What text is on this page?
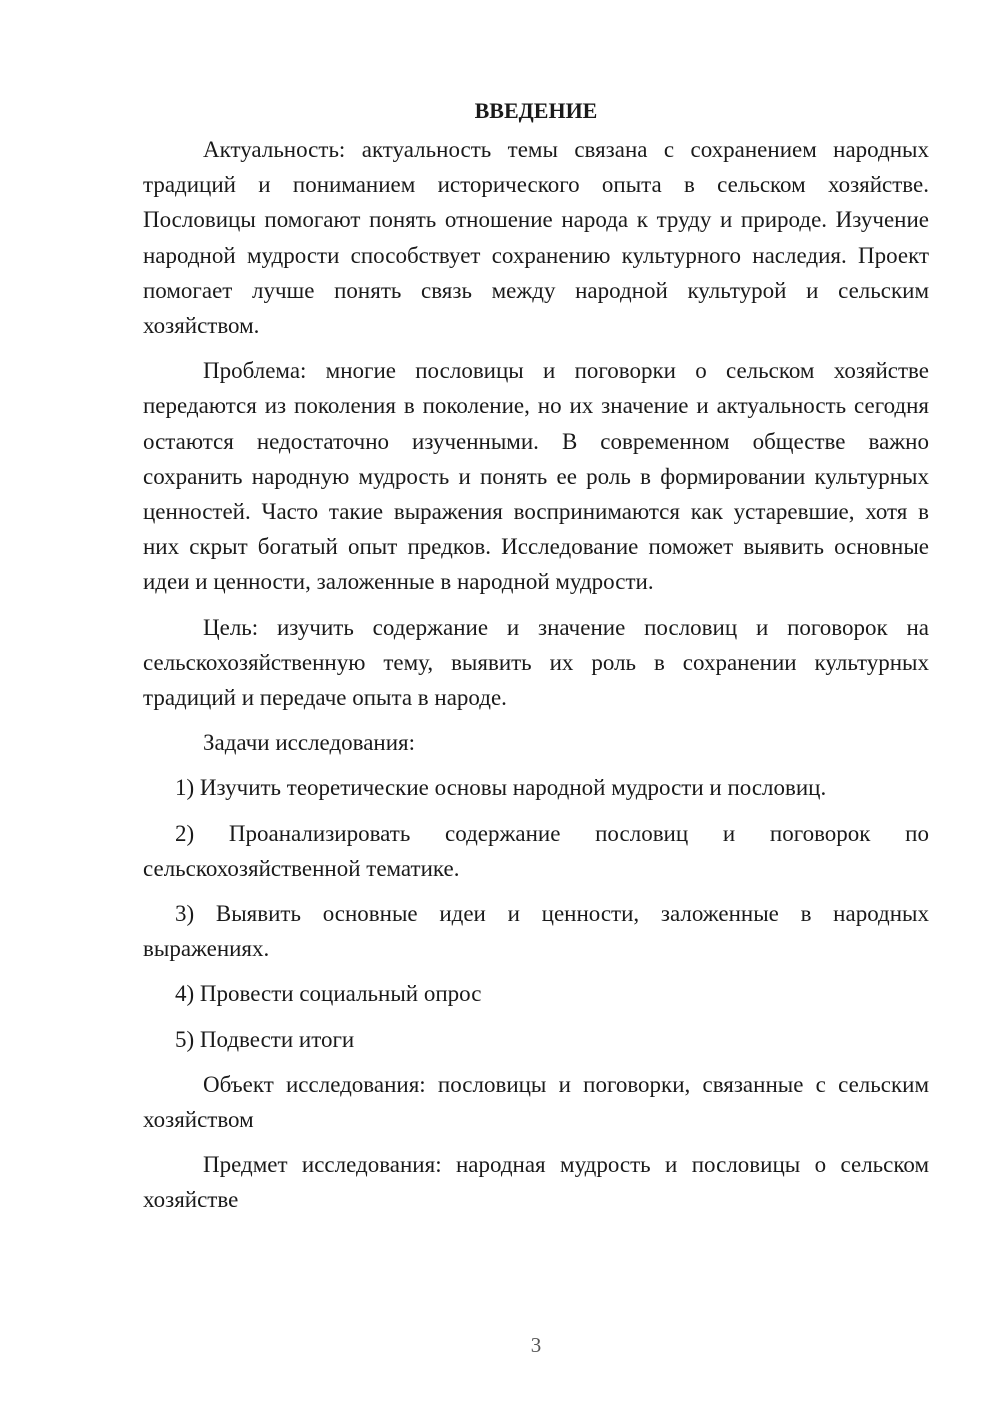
ВВЕДЕНИЕ

Актуальность: актуальность темы связана с сохранением народных традиций и пониманием исторического опыта в сельском хозяйстве. Пословицы помогают понять отношение народа к труду и природе. Изучение народной мудрости способствует сохранению культурного наследия. Проект помогает лучше понять связь между народной культурой и сельским хозяйством.

Проблема: многие пословицы и поговорки о сельском хозяйстве передаются из поколения в поколение, но их значение и актуальность сегодня остаются недостаточно изученными. В современном обществе важно сохранить народную мудрость и понять ее роль в формировании культурных ценностей. Часто такие выражения воспринимаются как устаревшие, хотя в них скрыт богатый опыт предков. Исследование поможет выявить основные идеи и ценности, заложенные в народной мудрости.

Цель: изучить содержание и значение пословиц и поговорок на сельскохозяйственную тему, выявить их роль в сохранении культурных традиций и передаче опыта в народе.

Задачи исследования:

1) Изучить теоретические основы народной мудрости и пословиц.

2) Проанализировать содержание пословиц и поговорок по сельскохозяйственной тематике.

3) Выявить основные идеи и ценности, заложенные в народных выражениях.

4) Провести социальный опрос

5) Подвести итоги

Объект исследования: пословицы и поговорки, связанные с сельским хозяйством

Предмет исследования: народная мудрость и пословицы о сельском хозяйстве

3
